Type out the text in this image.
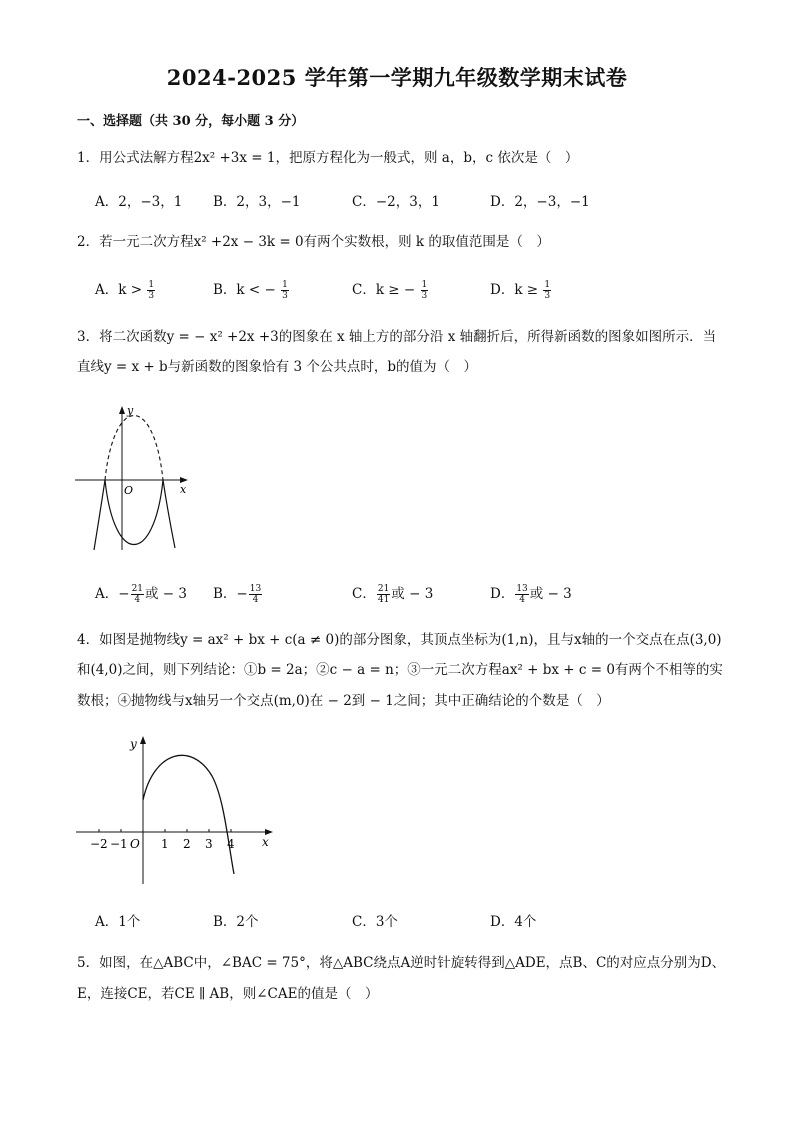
2024-2025 学年第一学期九年级数学期末试卷
一、选择题（共 30 分，每小题 3 分）
1．用公式法解方程2x² +3x = 1，把原方程化为一般式，则 a，b，c 依次是（　）
A．2，−3，1 B．2，3，−1	C．−2，3，1	D．2，−3，−1
2．若一元二次方程x² +2x − 3k = 0有两个实数根，则 k 的取值范围是（　）
A．$k > \frac{1}{3}$	B．k < − $\frac{1}{3}$	C．k ≥ − $\frac{1}{3}$	D．$k \ge \frac{1}{3}$
3．将二次函数y = − x² +2x +3的图象在 x 轴上方的部分沿 x 轴翻折后，所得新函数的图象如图所示．当
直线y = x + b与新函数的图象恰有 3 个公共点时，b的值为（　）
y
x
O
A．− $\frac{21}{4}$ 或 − 3 B．− $\frac{13}{4}$	C． $\frac{21}{41}$ 或 − 3	D． $\frac{13}{4}$ 或 − 3
4．如图是抛物线y = ax² + bx + c(a ≠ 0)的部分图象，其顶点坐标为(1,n)，且与x轴的一个交点在点(3,0)
和(4,0)之间，则下列结论：①b = 2a；②c − a = n；③一元二次方程ax² + bx + c = 0有两个不相等的实
数根；④抛物线与x轴另一个交点(m,0)在 − 2到 − 1之间；其中正确结论的个数是（　）
y
x
O
−2 −1	1 2 3 4
A．1个	B．2个	C．3个	D．4个
5．如图，在△ABC中，∠BAC = 75°，将△ABC绕点A逆时针旋转得到△ADE，点B、C的对应点分别为D、
E，连接CE，若CE ∥ AB，则∠CAE的值是（　）
